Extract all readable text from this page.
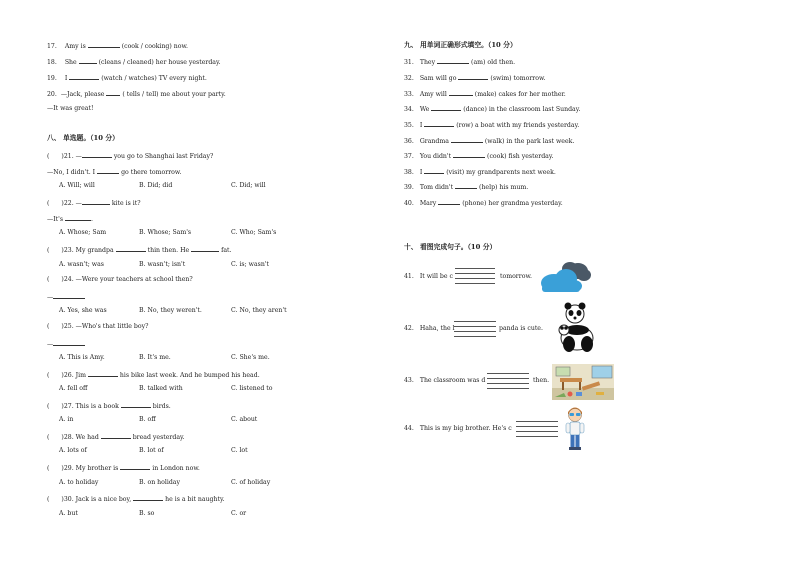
17. Amy is	(cook / cooking) now.
18. She	(cleans / cleaned) her house yesterday.
19. I	(watch / watches) TV every night.
20. —Jack, please	( tells / tell) me about your party.
—It was great!
八、 单选题。（10 分）
( )21. —	you go to Shanghai last Friday?
—No, I didn't. I	go there tomorrow.
A. Will; will	B. Did; did	C. Did; will
( )22. —	kite is it?
—It's	.
A. Whose; Sam	B. Whose; Sam's	C. Who; Sam's
( )23. My grandpa	thin then. He	fat.
A. wasn't; was	B. wasn't; isn't	C. is; wasn't
( )24. —Were your teachers at school then?
—
A. Yes, she was	B. No, they weren't.	C. No, they aren't
( )25. —Who's that little boy?
—
A. This is Amy.	B. It's me.	C. She's me.
( )26. Jim	his bike last week. And he bumped his head.
A. fell off	B. talked with	C. listened to
( )27. This is a book	birds.
A. in	B. off	C. about
( )28. We had	bread yesterday.
A. lots of	B. lot of	C. lot
( )29. My brother is	in London now.
A. to holiday	B. on holiday	C. of holiday
( )30. Jack is a nice boy,	he is a bit naughty.
A. but	B. so	C. or
九、 用单词正确形式填空。（10 分）
31. They	(am) old then.
32. Sam will go	(swim) tomorrow.
33. Amy will	(make) cakes for her mother.
34. We	(dance) in the classroom last Sunday.
35. I	(row) a boat with my friends yesterday.
36. Grandma	(walk) in the park last week.
37. You didn't	(cook) fish yesterday.
38. I	(visit) my grandparents next week.
39. Tom didn't	(help) his mum.
40. Mary	(phone) her grandma yesterday.
十、 看图完成句子。（10 分）
41. It will be c	tomorrow.
42. Haha, the l	panda is cute.
43. The classroom was d	then.
44. This is my big brother. He's c
